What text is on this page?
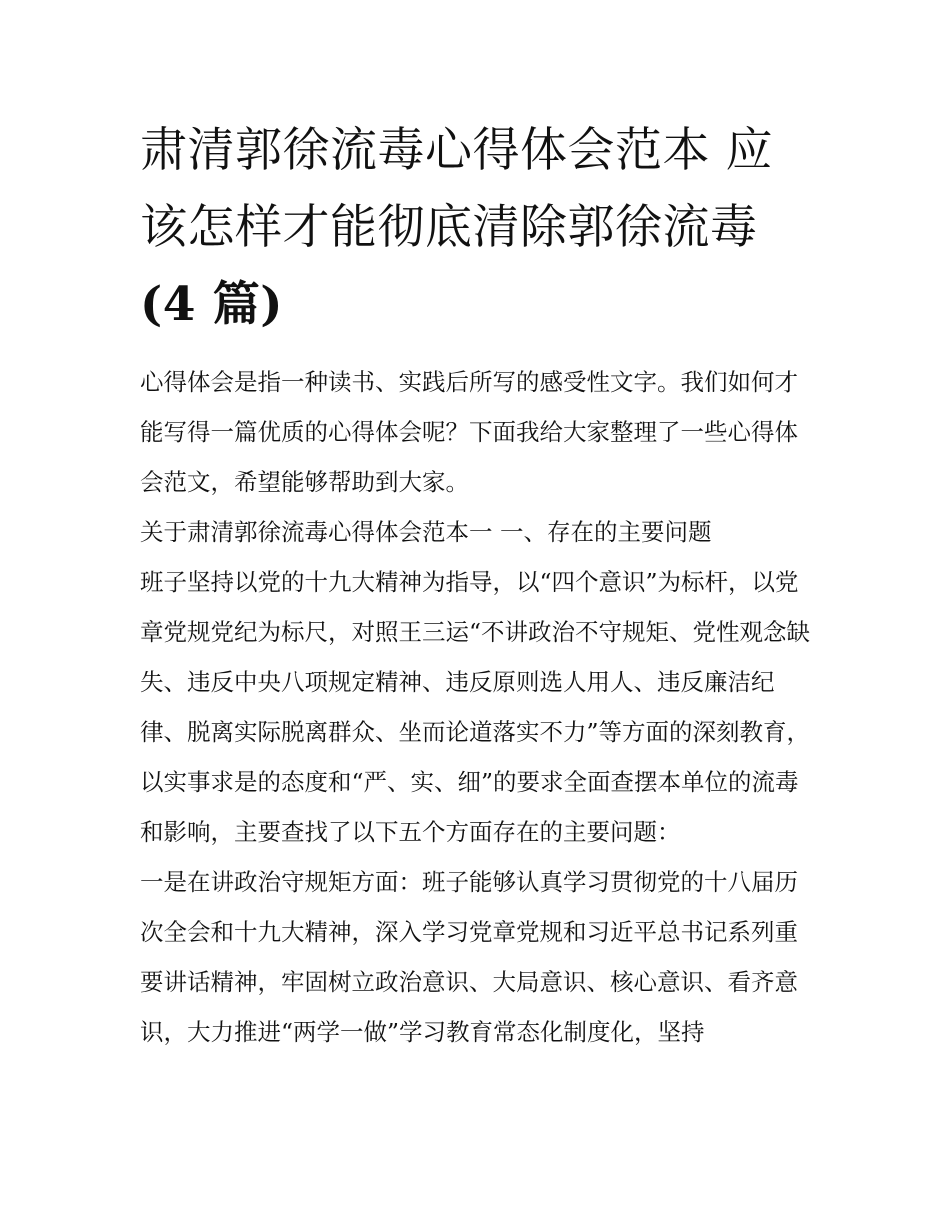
肃清郭徐流毒心得体会范本 应该怎样才能彻底清除郭徐流毒
(4 篇)

心得体会是指一种读书、实践后所写的感受性文字。我们如何才能写得一篇优质的心得体会呢？下面我给大家整理了一些心得体会范文，希望能够帮助到大家。

关于肃清郭徐流毒心得体会范本一 一、存在的主要问题

班子坚持以党的十九大精神为指导，以“四个意识”为标杆，以党章党规党纪为标尺，对照王三运“不讲政治不守规矩、党性观念缺失、违反中央八项规定精神、违反原则选人用人、违反廉洁纪律、脱离实际脱离群众、坐而论道落实不力”等方面的深刻教育，以实事求是的态度和“严、实、细”的要求全面查摆本单位的流毒和影响，主要查找了以下五个方面存在的主要问题：

一是在讲政治守规矩方面：班子能够认真学习贯彻党的十八届历次全会和十九大精神，深入学习党章党规和习近平总书记系列重要讲话精神，牢固树立政治意识、大局意识、核心意识、看齐意识，大力推进“两学一做”学习教育常态化制度化，坚持
